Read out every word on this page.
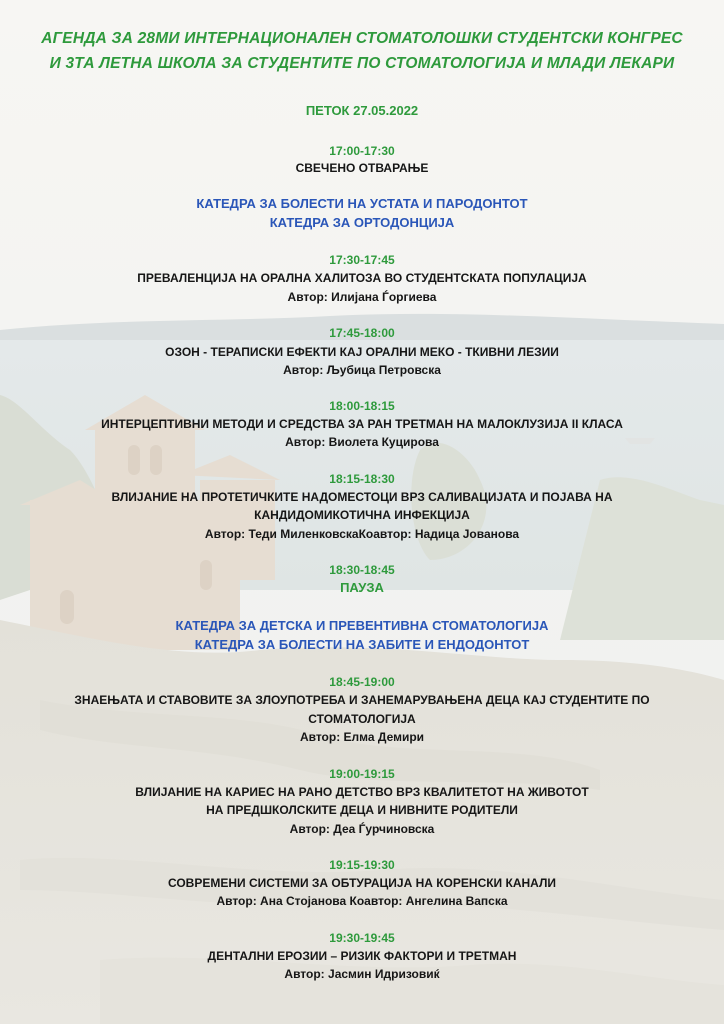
АГЕНДА ЗА 28МИ ИНТЕРНАЦИОНАЛЕН СТОМАТОЛОШКИ СТУДЕНТСКИ КОНГРЕС
И 3ТА ЛЕТНА ШКОЛА ЗА СТУДЕНТИТЕ ПО СТОМАТОЛОГИЈА И МЛАДИ ЛЕКАРИ
ПЕТОК 27.05.2022
17:00-17:30
СВЕЧЕНО ОТВАРАЊЕ
КАТЕДРА ЗА БОЛЕСТИ НА УСТАТА И ПАРОДОНТОТ
КАТЕДРА ЗА ОРТОДОНЦИЈА
17:30-17:45
ПРЕВАЛЕНЦИЈА НА ОРАЛНА ХАЛИТОЗА ВО СТУДЕНТСКАТА ПОПУЛАЦИЈА
Автор: Илијана Ѓоргиева
17:45-18:00
ОЗОН - ТЕРАПИСКИ ЕФЕКТИ КАЈ ОРАЛНИ МЕКО - ТКИВНИ ЛЕЗИИ
Автор: Љубица Петровска
18:00-18:15
ИНТЕРЦЕПТИВНИ МЕТОДИ И СРЕДСТВА ЗА РАН ТРЕТМАН НА МАЛОКЛУЗИЈА II КЛАСА
Автор: Виолета Куцирова
18:15-18:30
ВЛИЈАНИЕ НА ПРОТЕТИЧКИТЕ НАДОМЕСТОЦИ ВРЗ САЛИВАЦИЈАТА И ПОЈАВА НА
КАНДИДОМИКОТИЧНА ИНФЕКЦИЈА
Автор: Теди МиленковскаКоавтор: Надица Јованова
18:30-18:45
ПАУЗА
КАТЕДРА ЗА ДЕТСКА И ПРЕВЕНТИВНА СТОМАТОЛОГИЈА
КАТЕДРА ЗА БОЛЕСТИ НА ЗАБИТЕ И ЕНДОДОНТОТ
18:45-19:00
ЗНАЕЊАТА И СТАВОВИТЕ ЗА ЗЛОУПОТРЕБА И ЗАНЕМАРУВАЊЕНА ДЕЦА КАЈ СТУДЕНТИТЕ ПО
СТОМАТОЛОГИЈА
Автор: Елма Демири
19:00-19:15
ВЛИЈАНИЕ НА КАРИЕС НА РАНО ДЕТСТВО ВРЗ КВАЛИТЕТОТ НА ЖИВОТОТ
НА ПРЕДШКОЛСКИТЕ ДЕЦА И НИВНИТЕ РОДИТЕЛИ
Автор: Деа Ѓурчиновска
19:15-19:30
СОВРЕМЕНИ СИСТЕМИ ЗА ОБТУРАЦИЈА НА КОРЕНСКИ КАНАЛИ
Автор: Ана Стојанова Коавтор: Ангелина Вапска
19:30-19:45
ДЕНТАЛНИ ЕРОЗИИ – РИЗИК ФАКТОРИ И ТРЕТМАН
Автор: Јасмин Идризовиќ
